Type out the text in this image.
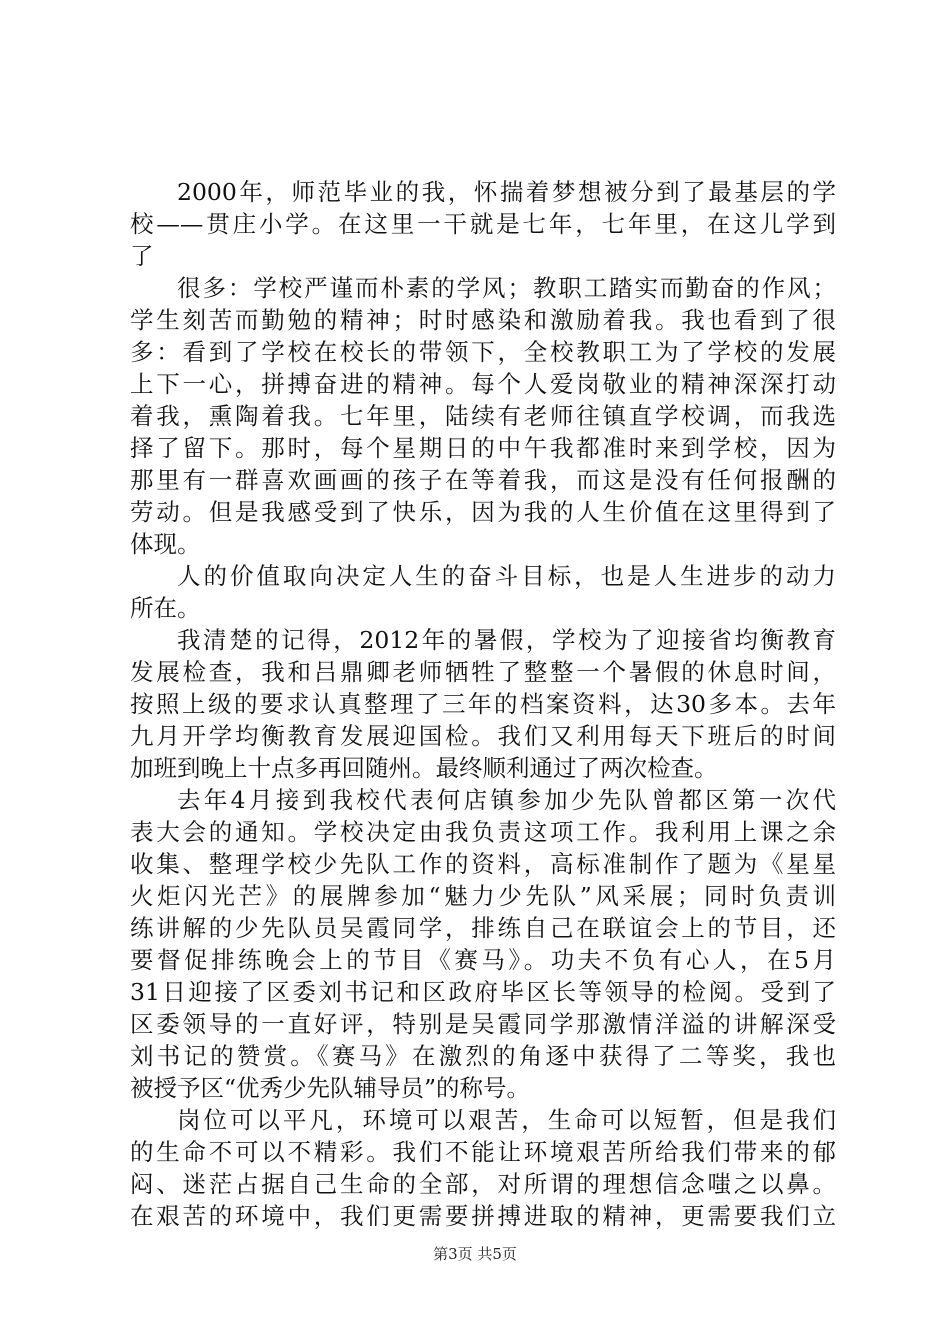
2000年，师范毕业的我，怀揣着梦想被分到了最基层的学
校——贯庄小学。在这里一干就是七年，七年里，在这儿学到
了
很多：学校严谨而朴素的学风；教职工踏实而勤奋的作风；
学生刻苦而勤勉的精神；时时感染和激励着我。我也看到了很
多：看到了学校在校长的带领下，全校教职工为了学校的发展
上下一心，拼搏奋进的精神。每个人爱岗敬业的精神深深打动
着我，熏陶着我。七年里，陆续有老师往镇直学校调，而我选
择了留下。那时，每个星期日的中午我都准时来到学校，因为
那里有一群喜欢画画的孩子在等着我，而这是没有任何报酬的
劳动。但是我感受到了快乐，因为我的人生价值在这里得到了
体现。
人的价值取向决定人生的奋斗目标，也是人生进步的动力
所在。
我清楚的记得，2012年的暑假，学校为了迎接省均衡教育
发展检查，我和吕鼎卿老师牺牲了整整一个暑假的休息时间，
按照上级的要求认真整理了三年的档案资料，达30多本。去年
九月开学均衡教育发展迎国检。我们又利用每天下班后的时间
加班到晚上十点多再回随州。最终顺利通过了两次检查。
去年4月接到我校代表何店镇参加少先队曾都区第一次代
表大会的通知。学校决定由我负责这项工作。我利用上课之余
收集、整理学校少先队工作的资料，高标准制作了题为《星星
火炬闪光芒》的展牌参加“魅力少先队”风采展；同时负责训
练讲解的少先队员吴霞同学，排练自己在联谊会上的节目，还
要督促排练晚会上的节目《赛马》。功夫不负有心人，在5月
31日迎接了区委刘书记和区政府毕区长等领导的检阅。受到了
区委领导的一直好评，特别是吴霞同学那激情洋溢的讲解深受
刘书记的赞赏。《赛马》在激烈的角逐中获得了二等奖，我也
被授予区“优秀少先队辅导员”的称号。
岗位可以平凡，环境可以艰苦，生命可以短暂，但是我们
的生命不可以不精彩。我们不能让环境艰苦所给我们带来的郁
闷、迷茫占据自己生命的全部，对所谓的理想信念嗤之以鼻。
在艰苦的环境中，我们更需要拼搏进取的精神，更需要我们立
第3页 共5页
